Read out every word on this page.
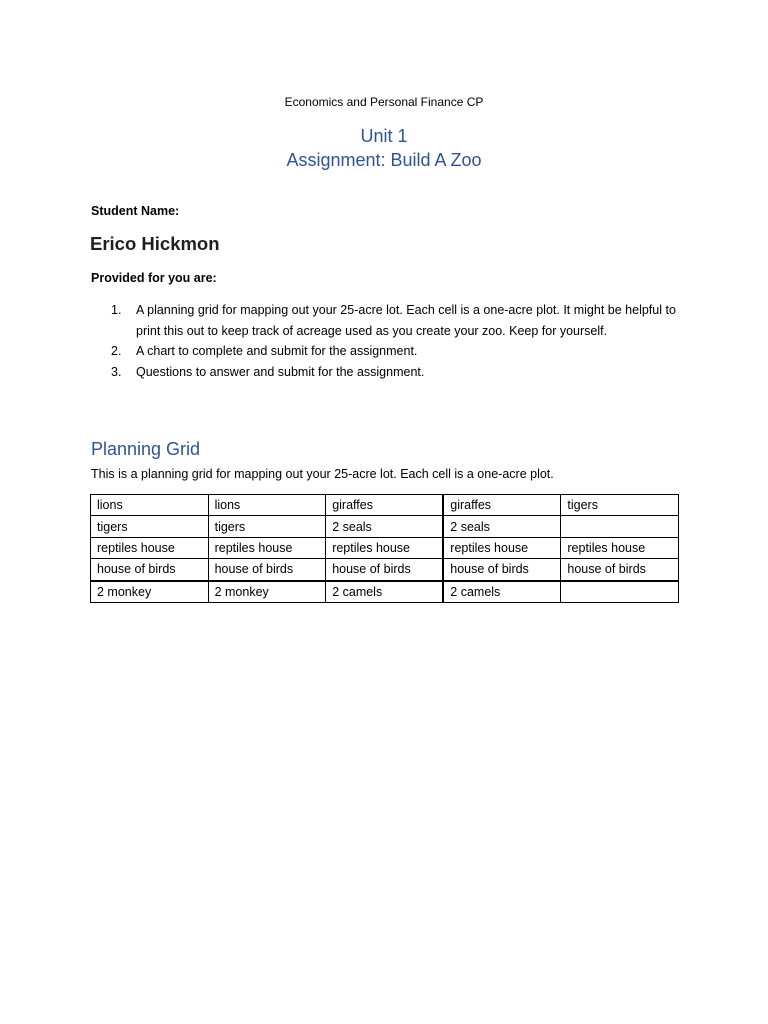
Economics and Personal Finance CP
Unit 1
Assignment: Build A Zoo
Student Name:
Erico Hickmon
Provided for you are:
1. A planning grid for mapping out your 25-acre lot. Each cell is a one-acre plot. It might be helpful to print this out to keep track of acreage used as you create your zoo. Keep for yourself.
2. A chart to complete and submit for the assignment.
3. Questions to answer and submit for the assignment.
Planning Grid
This is a planning grid for mapping out your 25-acre lot. Each cell is a one-acre plot.
lions	lions	giraffes	giraffes	tigers
tigers	tigers	2 seals	2 seals	
reptiles house	reptiles house	reptiles house	reptiles house	reptiles house
house of birds	house of birds	house of birds	house of birds	house of birds
2 monkey	2 monkey	2 camels	2 camels	
